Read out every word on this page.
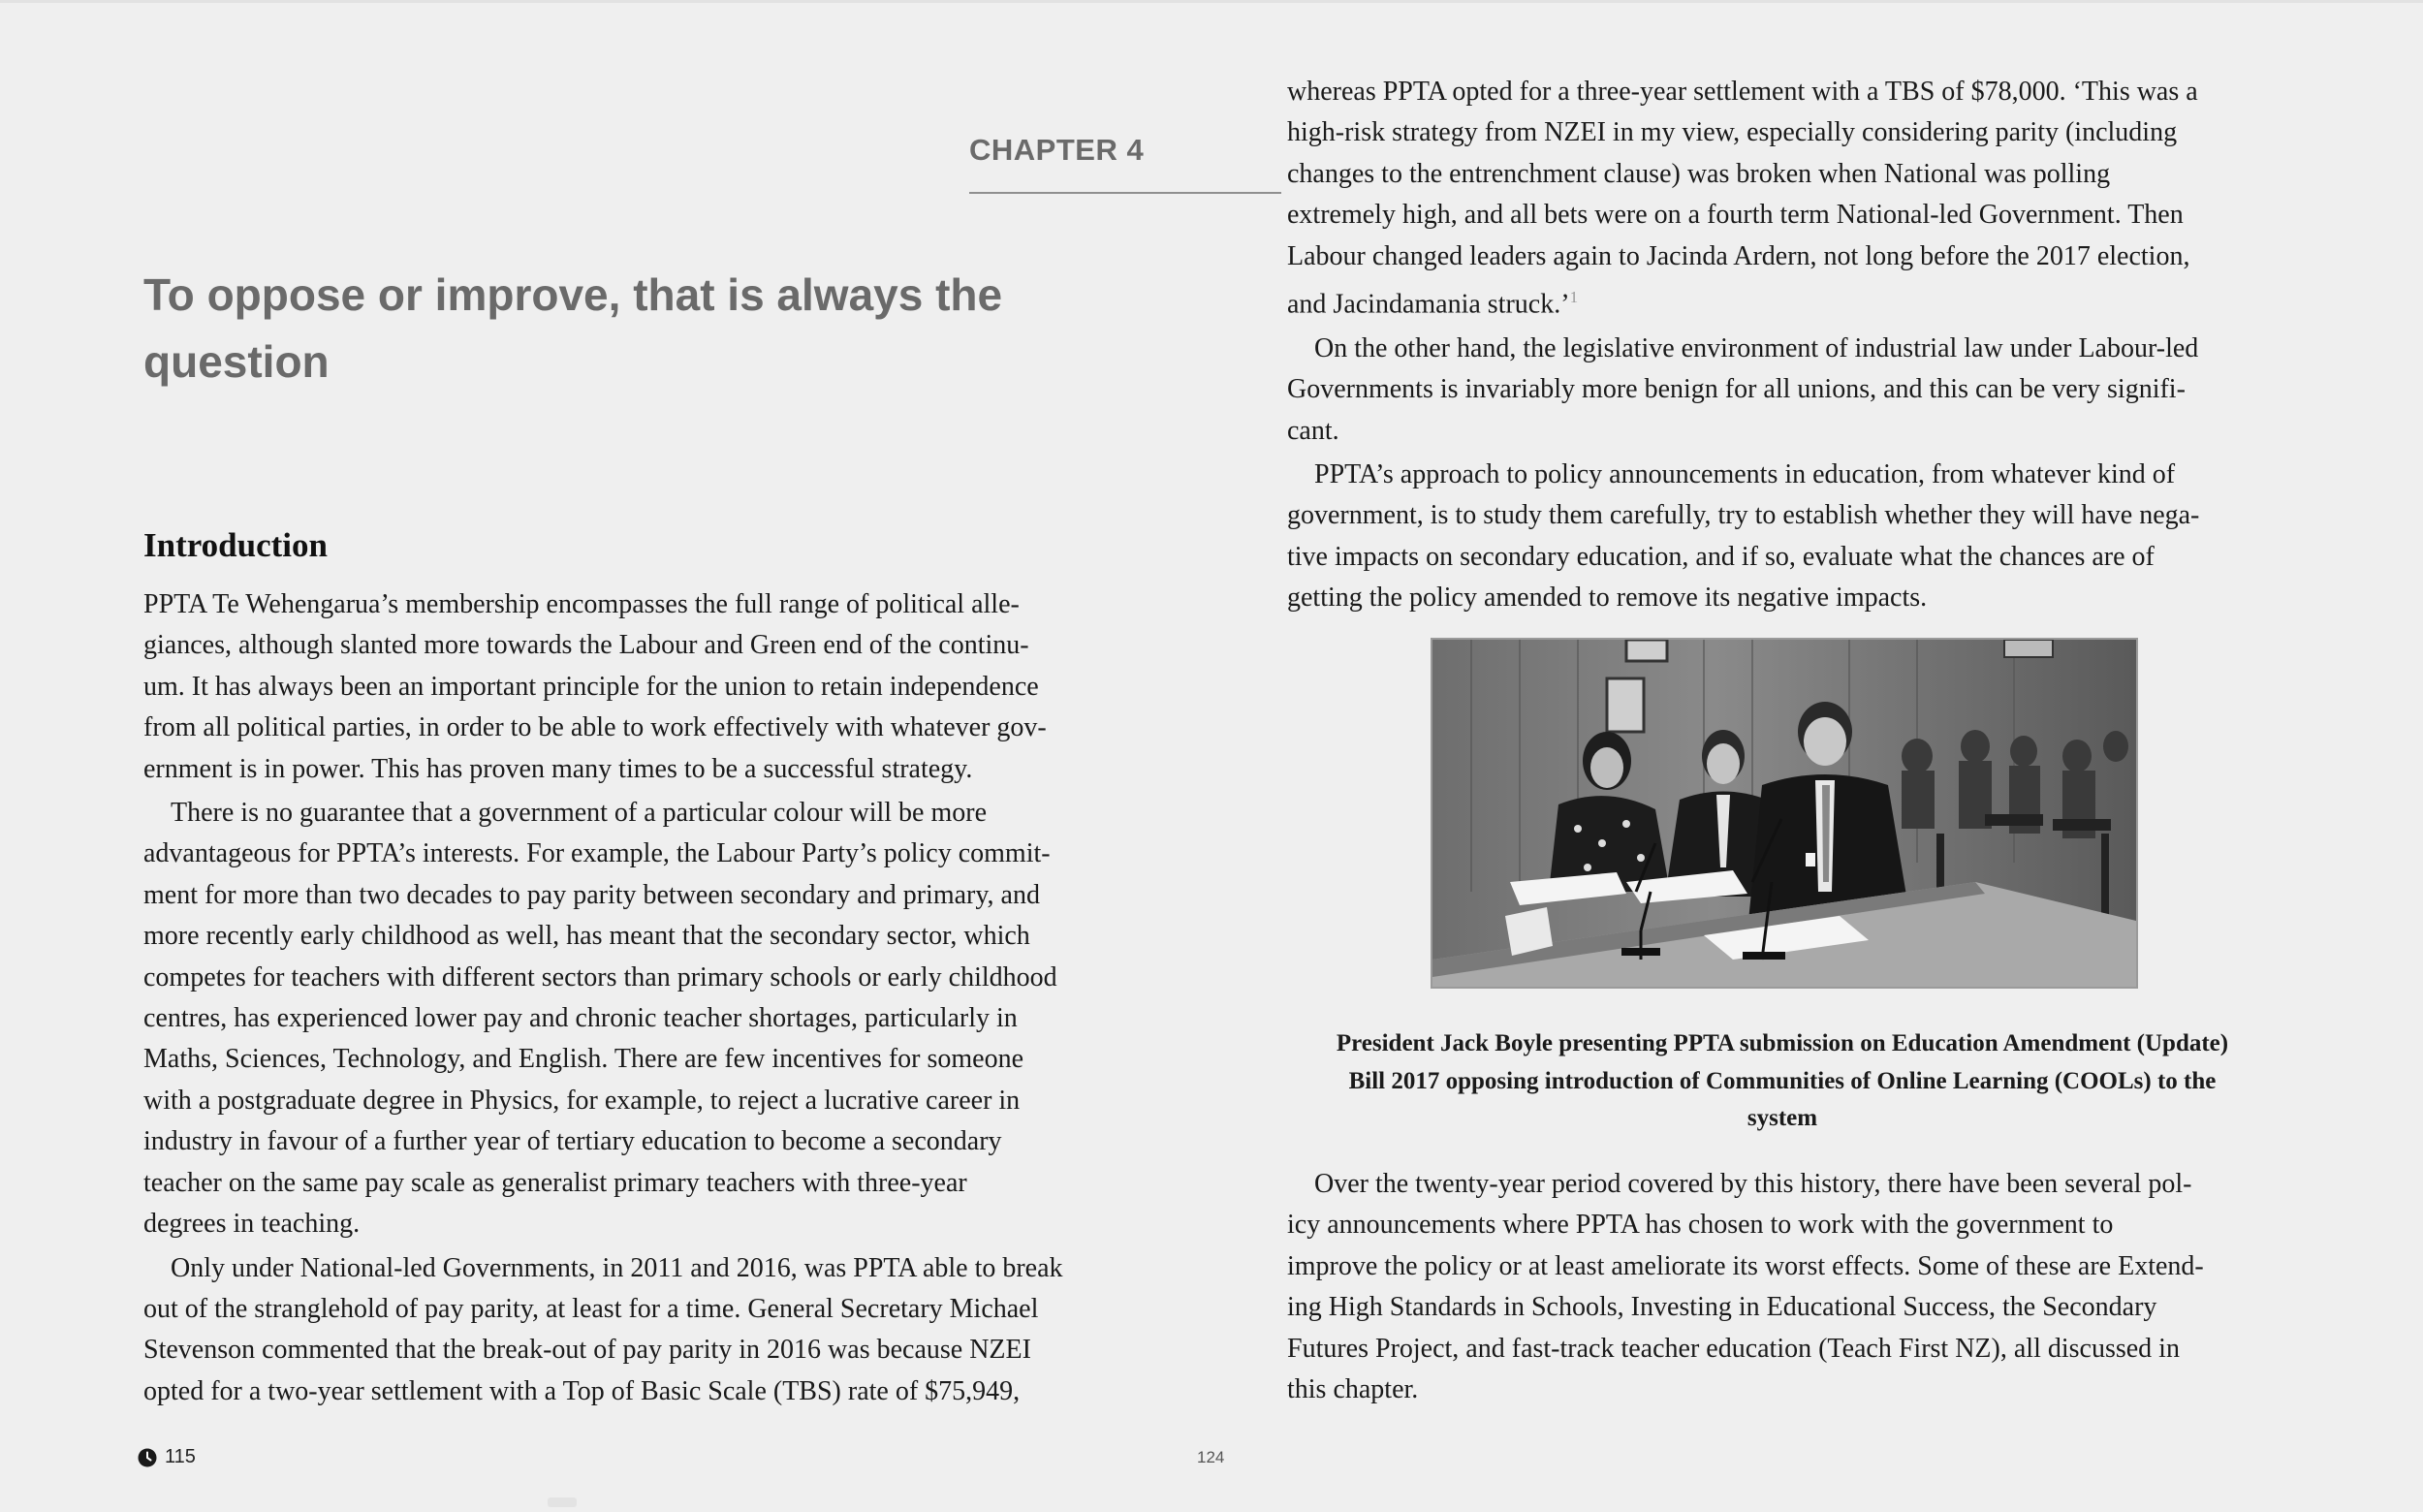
CHAPTER 4
To oppose or improve, that is always the question
Introduction

PPTA Te Wehengarua’s membership encompasses the full range of political alle-
giances, although slanted more towards the Labour and Green end of the continu-
um. It has always been an important principle for the union to retain independence
from all political parties, in order to be able to work effectively with whatever gov-
ernment is in power. This has proven many times to be a successful strategy.

There is no guarantee that a government of a particular colour will be more
advantageous for PPTA’s interests. For example, the Labour Party’s policy commit-
ment for more than two decades to pay parity between secondary and primary, and
more recently early childhood as well, has meant that the secondary sector, which
competes for teachers with different sectors than primary schools or early childhood
centres, has experienced lower pay and chronic teacher shortages, particularly in
Maths, Sciences, Technology, and English. There are few incentives for someone
with a postgraduate degree in Physics, for example, to reject a lucrative career in
industry in favour of a further year of tertiary education to become a secondary
teacher on the same pay scale as generalist primary teachers with three-year
degrees in teaching.

Only under National-led Governments, in 2011 and 2016, was PPTA able to break
out of the stranglehold of pay parity, at least for a time. General Secretary Michael
Stevenson commented that the break-out of pay parity in 2016 was because NZEI
opted for a two-year settlement with a Top of Basic Scale (TBS) rate of $75,949,

whereas PPTA opted for a three-year settlement with a TBS of $78,000. ‘This was a
high-risk strategy from NZEI in my view, especially considering parity (including
changes to the entrenchment clause) was broken when National was polling
extremely high, and all bets were on a fourth term National-led Government. Then
Labour changed leaders again to Jacinda Ardern, not long before the 2017 election,
and Jacindamania struck.’$^1$

On the other hand, the legislative environment of industrial law under Labour-led
Governments is invariably more benign for all unions, and this can be very signifi-
cant.

PPTA’s approach to policy announcements in education, from whatever kind of
government, is to study them carefully, try to establish whether they will have nega-
tive impacts on secondary education, and if so, evaluate what the chances are of
getting the policy amended to remove its negative impacts.

President Jack Boyle presenting PPTA submission on Education Amendment (Update)
Bill 2017 opposing introduction of Communities of Online Learning (COOLs) to the
system

Over the twenty-year period covered by this history, there have been several pol-
icy announcements where PPTA has chosen to work with the government to
improve the policy or at least ameliorate its worst effects. Some of these are Extend-
ing High Standards in Schools, Investing in Educational Success, the Secondary
Futures Project, and fast-track teacher education (Teach First NZ), all discussed in
this chapter.

115	124
